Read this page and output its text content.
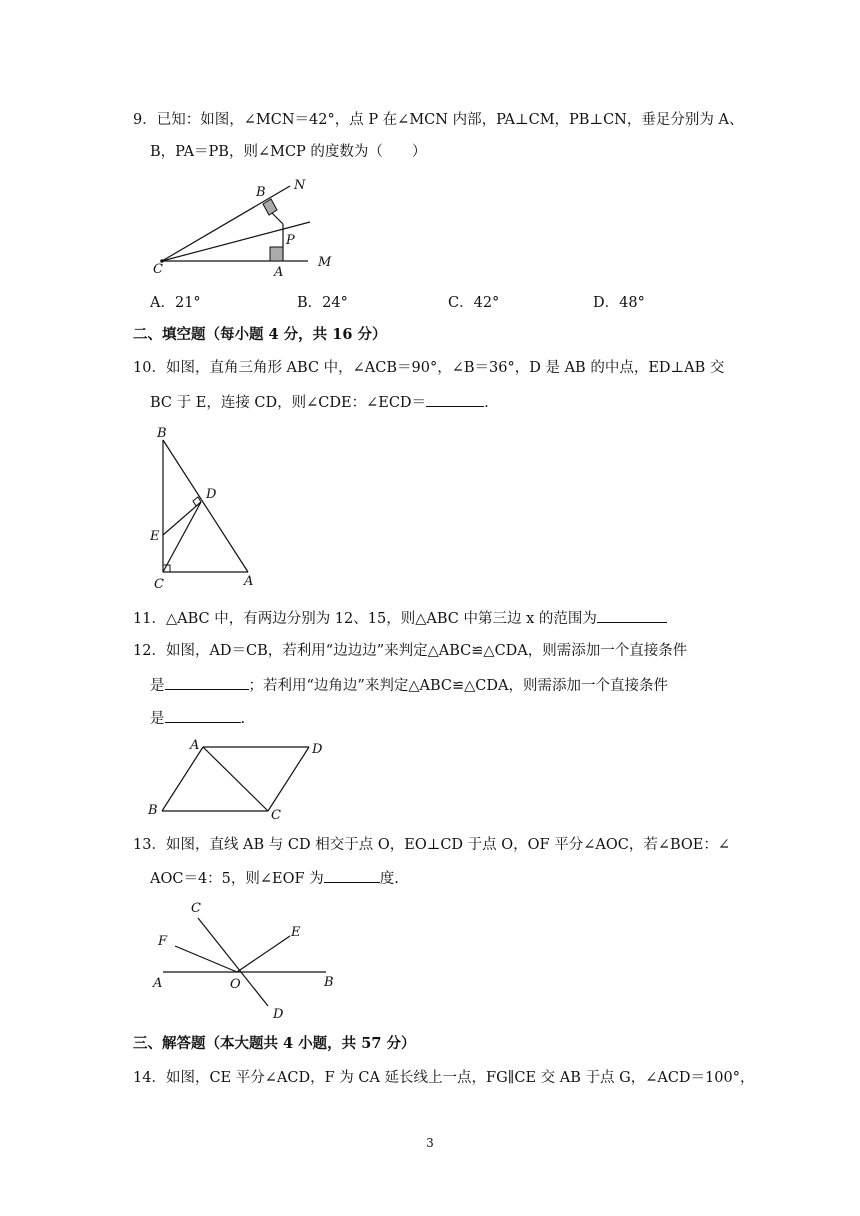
9．已知：如图，∠MCN＝42°，点 P 在∠MCN 内部，PA⊥CM，PB⊥CN，垂足分别为 A、
B，PA＝PB，则∠MCP 的度数为（　　）
B N
P
C	A
M
A．21°	B．24°	C．42°	D．48°
二、填空题（每小题 4 分，共 16 分）
10．如图，直角三角形 ABC 中，∠ACB＝90°，∠B＝36°，D 是 AB 的中点，ED⊥AB 交
BC 于 E，连接 CD，则∠CDE：∠ECD＝	.
B
D
E
C	A
11．△ABC 中，有两边分别为 12、15，则△ABC 中第三边 x 的范围为
12．如图，AD＝CB，若利用“边边边”来判定△ABC≌△CDA，则需添加一个直接条件
是	；若利用“边角边”来判定△ABC≌△CDA，则需添加一个直接条件
是	.
A	D
B	C
13．如图，直线 AB 与 CD 相交于点 O，EO⊥CD 于点 O，OF 平分∠AOC，若∠BOE：∠
AOC＝4：5，则∠EOF 为	度.
C
E
F
A	O	B
D
三、解答题（本大题共 4 小题，共 57 分）
14．如图，CE 平分∠ACD，F 为 CA 延长线上一点，FG∥CE 交 AB 于点 G，∠ACD＝100°，
3
